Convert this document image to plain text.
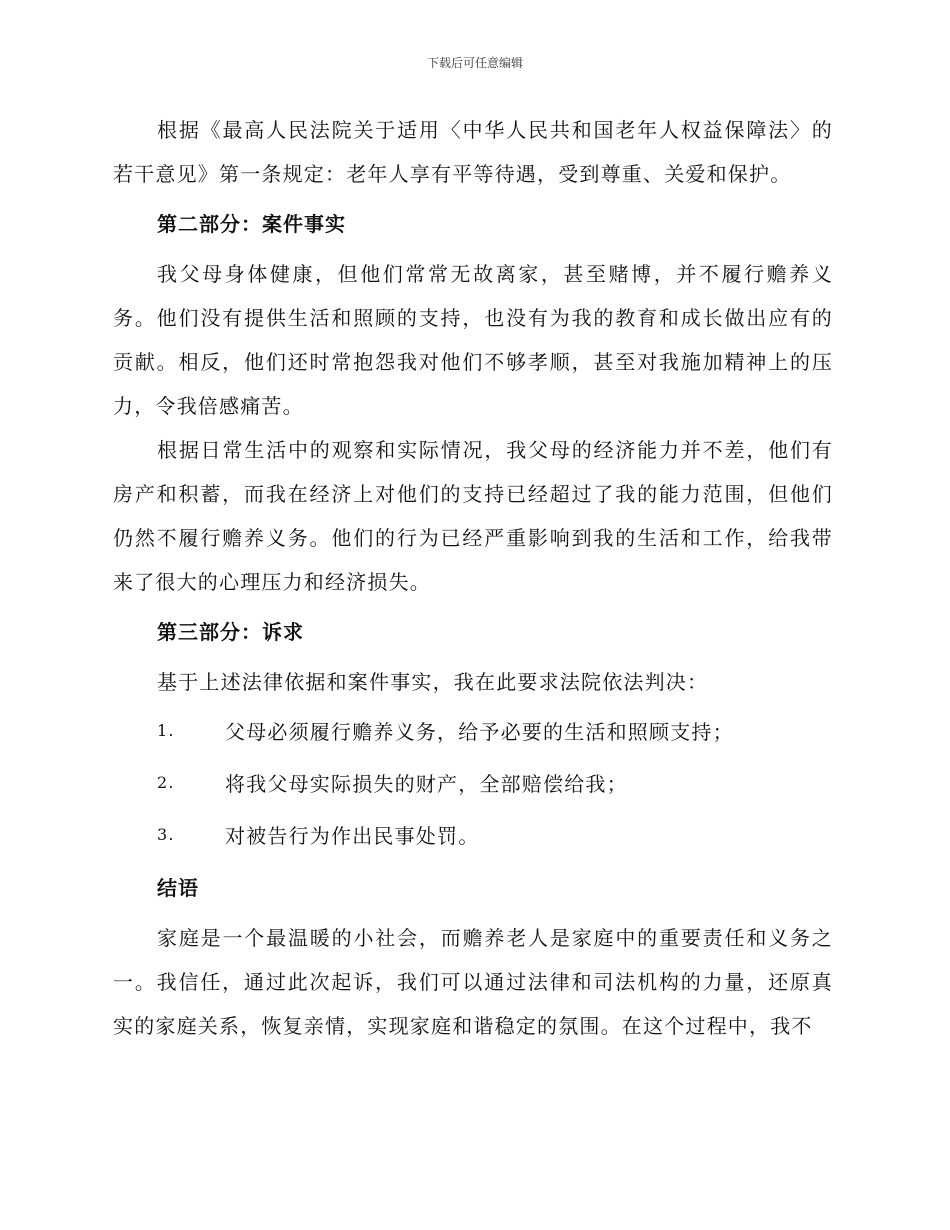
下载后可任意编辑

根据《最高人民法院关于适用〈中华人民共和国老年人权益保障法〉的若干意见》第一条规定：老年人享有平等待遇，受到尊重、关爱和保护。

第二部分：案件事实

我父母身体健康，但他们常常无故离家，甚至赌博，并不履行赡养义务。他们没有提供生活和照顾的支持，也没有为我的教育和成长做出应有的贡献。相反，他们还时常抱怨我对他们不够孝顺，甚至对我施加精神上的压力，令我倍感痛苦。

根据日常生活中的观察和实际情况，我父母的经济能力并不差，他们有房产和积蓄，而我在经济上对他们的支持已经超过了我的能力范围，但他们仍然不履行赡养义务。他们的行为已经严重影响到我的生活和工作，给我带来了很大的心理压力和经济损失。

第三部分：诉求

基于上述法律依据和案件事实，我在此要求法院依法判决：

1.	父母必须履行赡养义务，给予必要的生活和照顾支持；
2.	将我父母实际损失的财产，全部赔偿给我；
3.	对被告行为作出民事处罚。

结语

家庭是一个最温暖的小社会，而赡养老人是家庭中的重要责任和义务之一。我信任，通过此次起诉，我们可以通过法律和司法机构的力量，还原真实的家庭关系，恢复亲情，实现家庭和谐稳定的氛围。在这个过程中，我不
